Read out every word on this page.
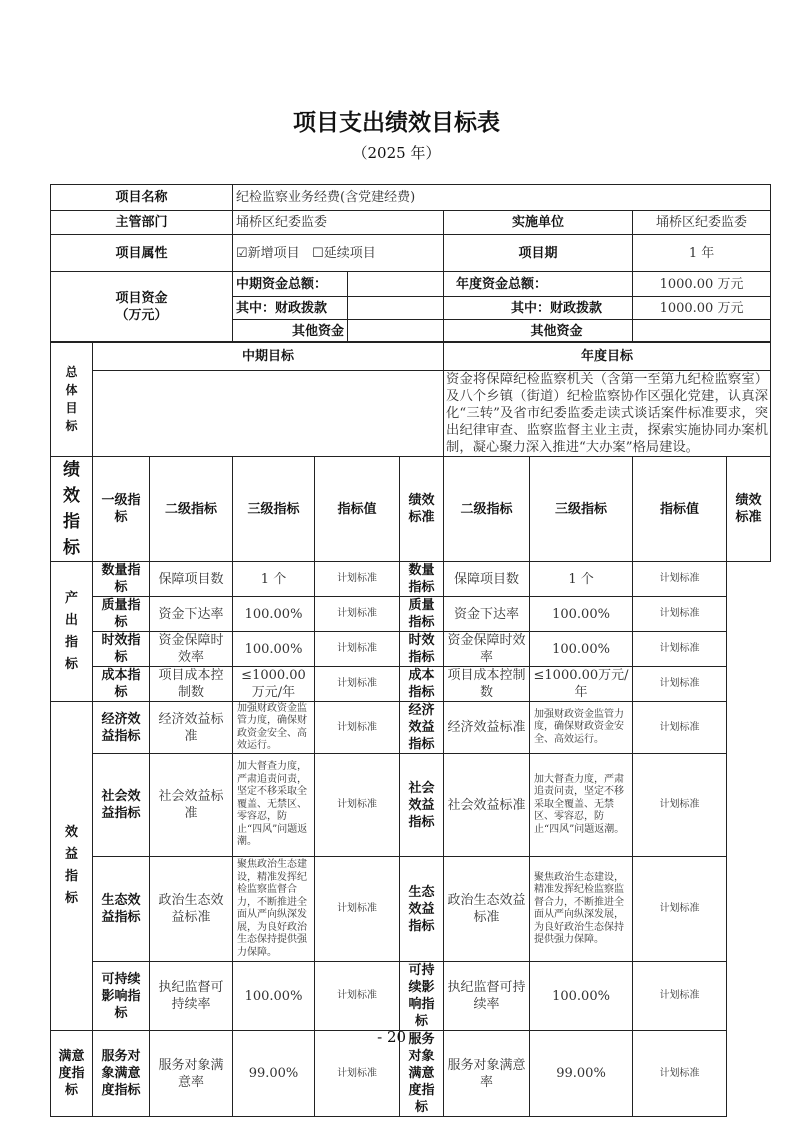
项目支出绩效目标表
（2025 年）
项目名称	纪检监察业务经费(含党建经费)			
主管部门	埇桥区纪委监委		实施单位	埇桥区纪委监委
项目属性	☑新增项目 ☐延续项目		项目期	1 年
项目资金
（万元）	中期资金总额：		年度资金总额：	1000.00 万元
	其中：财政拨款		其中：财政拨款	1000.00 万元
	其他资金		其他资金	
总体目标	中期目标					年度目标			
						资金将保障纪检监察机关（含第一至第九纪检监察室）及八个乡镇（街道）纪检监察协作区强化党建，认真深化“三转”及省市纪委监委走读式谈话案件标准要求，突出纪律审查、监察监督主业主责，探索实施协同办案机制，凝心聚力深入推进“大办案”格局建设。			
绩效指标	一级指标	二级指标	三级指标	指标值	绩效标准	二级指标	三级指标	指标值	绩效标准
产出指标	数量指标	保障项目数	1 个	计划标准	数量指标	保障项目数	1 个	计划标准	
	质量指标	资金下达率	100.00%	计划标准	质量指标	资金下达率	100.00%	计划标准	
	时效指标	资金保障时效率	100.00%	计划标准	时效指标	资金保障时效率	100.00%	计划标准	
	成本指标	项目成本控制数	≤1000.00万元/年	计划标准	成本指标	项目成本控制数	≤1000.00万元/年	计划标准	
效益指标	经济效益指标	经济效益标准	加强财政资金监管力度，确保财政资金安全、高效运行。	计划标准	经济效益指标	经济效益标准	加强财政资金监管力度，确保财政资金安全、高效运行。	计划标准	
	社会效益指标	社会效益标准	加大督查力度，严肃追责问责，坚定不移采取全覆盖、无禁区、零容忍，防止“四风”问题返潮。	计划标准	社会效益指标	社会效益标准	加大督查力度，严肃追责问责，坚定不移采取全覆盖、无禁区、零容忍，防止“四风”问题返潮。	计划标准	
	生态效益指标	政治生态效益标准	聚焦政治生态建设，精准发挥纪检监察监督合力，不断推进全面从严向纵深发展，为良好政治生态保持提供强力保障。	计划标准	生态效益指标	政治生态效益标准	聚焦政治生态建设，精准发挥纪检监察监督合力，不断推进全面从严向纵深发展，为良好政治生态保持提供强力保障。	计划标准	
	可持续影响指标	执纪监督可持续率	100.00%	计划标准	可持续影响指标	执纪监督可持续率	100.00%	计划标准	
满意度指标	服务对象满意度指标	服务对象满意率	99.00%	计划标准	服务对象满意度指标	服务对象满意率	99.00%	计划标准	
- 20 -
